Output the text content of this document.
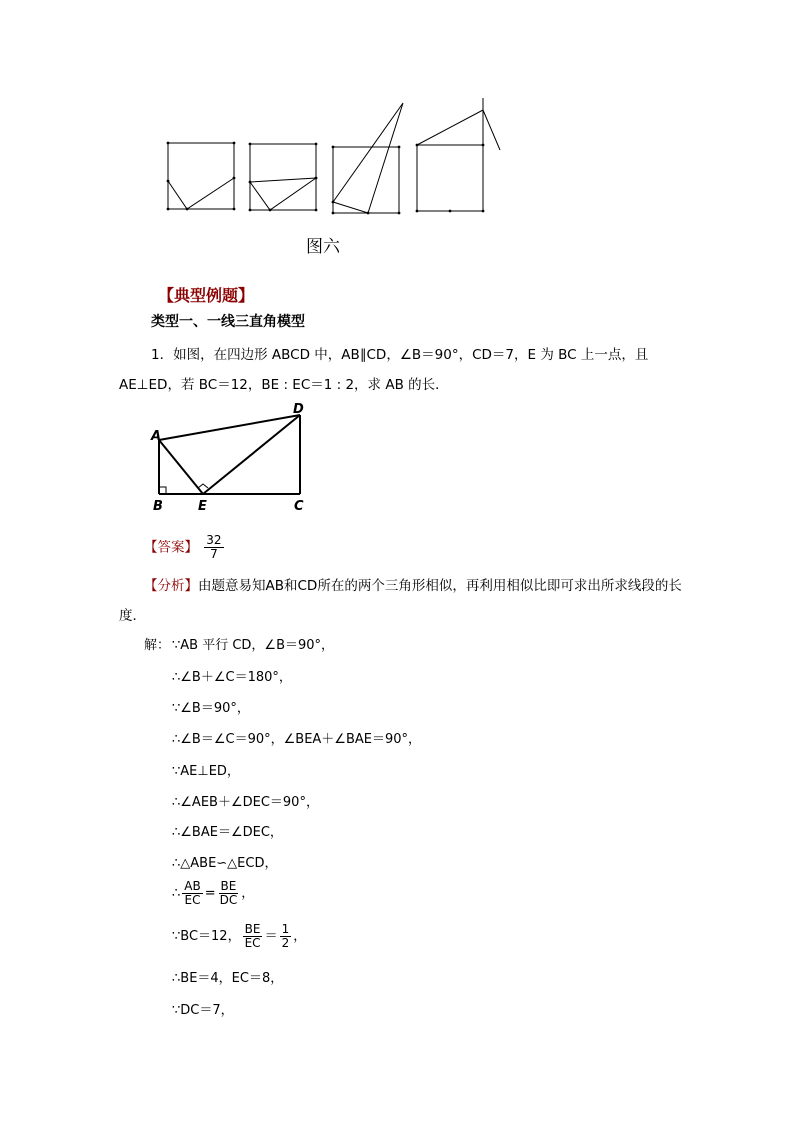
图六
【典型例题】
类型一、一线三直角模型
1．如图，在四边形 ABCD 中，AB∥CD，∠B＝90°，CD＝7，E 为 BC 上一点，且
AE⊥ED，若 BC＝12，BE : EC＝1 : 2，求 AB 的长．
A
B	E	C
D
【答案】 $\frac{32}{7}$
【分析】由题意易知AB和CD所在的两个三角形相似，再利用相似比即可求出所求线段的长度．
解： ∵AB 平行 CD，∠B＝90°，
∴∠B＋∠C＝180°，
∵∠B＝90°，
∴∠B＝∠C＝90°，∠BEA＋∠BAE＝90°，
∵AE⊥ED，
∴∠AEB＋∠DEC＝90°，
∴∠BAE＝∠DEC，
∴△ABE∽△ECD，
∴ $\frac{AB}{EC} = \frac{BE}{DC}$ ，
∵BC＝12， $\frac{BE}{EC} = \frac{1}{2}$ ，
∴BE＝4，EC＝8，
∵DC＝7，
